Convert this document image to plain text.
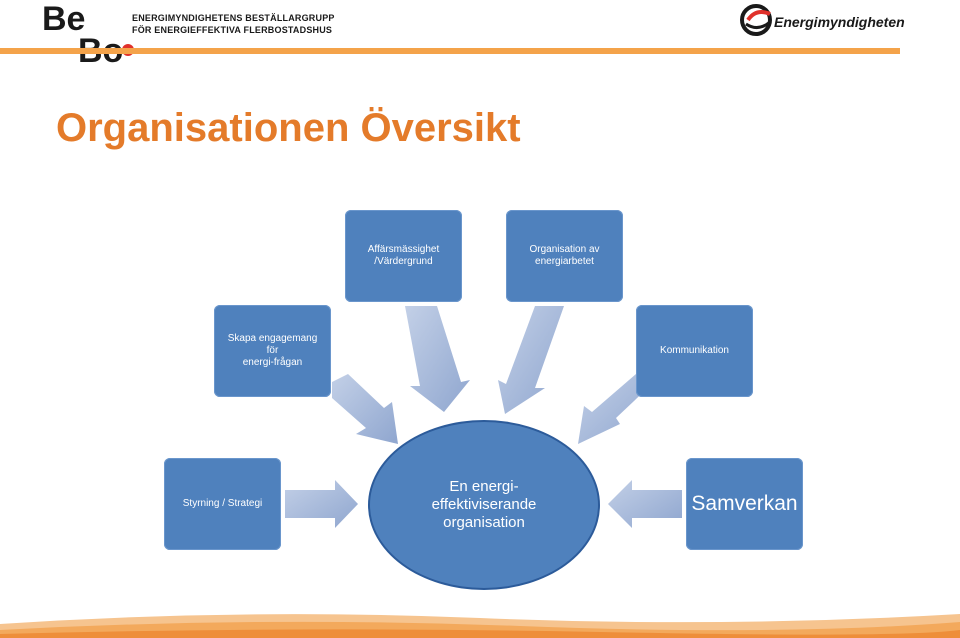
Be	ENERGIMYNDIGHETENS BESTÄLLARGRUPP
FÖR ENERGIEFFEKTIVA FLERBOSTADSHUS	Energimyndigheten
Organisationen Översikt
Affärsmässighet
/Värdergrund
Organisation av
energiarbetet
Skapa engagemang för
energi-frågan
Kommunikation
Styrning / Strategi	Samverkan
En energi-
effektiviserande
organisation
